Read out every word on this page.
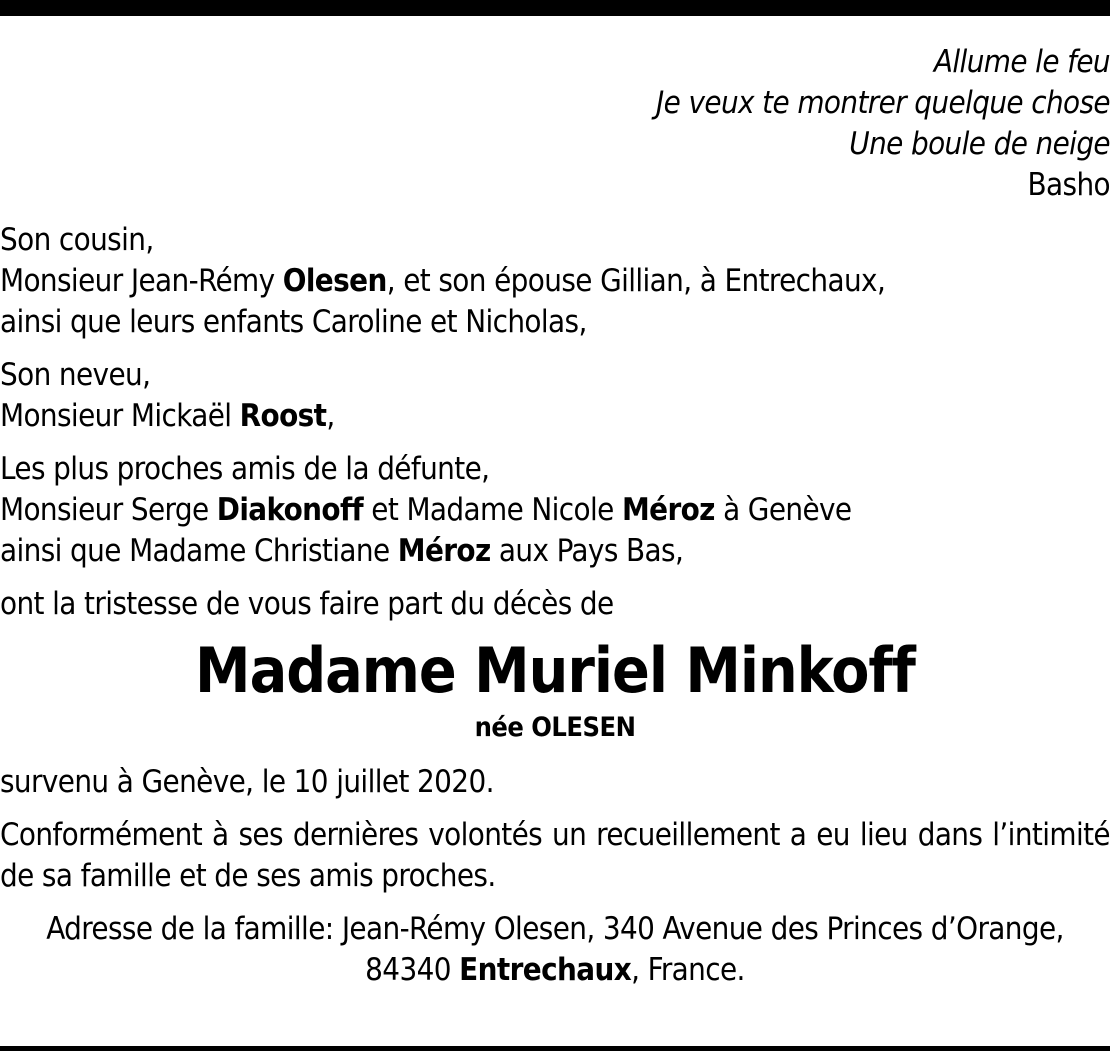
Allume le feu
Je veux te montrer quelque chose
Une boule de neige
Basho
Son cousin,
Monsieur Jean-Rémy Olesen, et son épouse Gillian, à Entrechaux,
ainsi que leurs enfants Caroline et Nicholas,
Son neveu,
Monsieur Mickaël Roost,
Les plus proches amis de la défunte,
Monsieur Serge Diakonoff et Madame Nicole Méroz à Genève
ainsi que Madame Christiane Méroz aux Pays Bas,
ont la tristesse de vous faire part du décès de
Madame Muriel Minkoff
née OLESEN
survenu à Genève, le 10 juillet 2020.
Conformément à ses dernières volontés un recueillement a eu lieu dans l’intimité de sa famille et de ses amis proches.
Adresse de la famille: Jean-Rémy Olesen, 340 Avenue des Princes d’Orange,
84340 Entrechaux, France.
